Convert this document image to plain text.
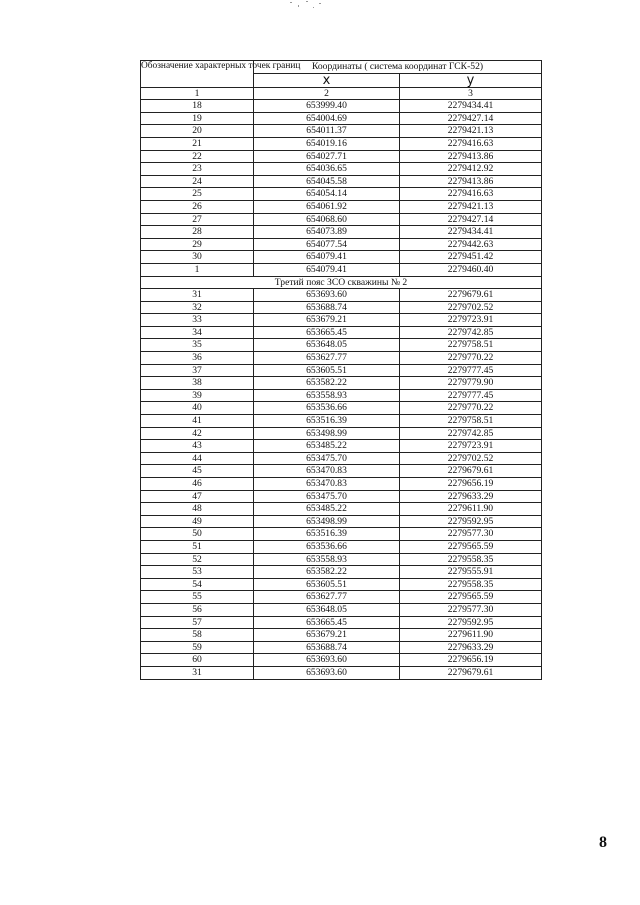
Обозначение характерных точек границ	Координаты ( система координат ГСК-52)	
	х	у
1	2	3
18	653999.40	2279434.41
19	654004.69	2279427.14
20	654011.37	2279421.13
21	654019.16	2279416.63
22	654027.71	2279413.86
23	654036.65	2279412.92
24	654045.58	2279413.86
25	654054.14	2279416.63
26	654061.92	2279421.13
27	654068.60	2279427.14
28	654073.89	2279434.41
29	654077.54	2279442.63
30	654079.41	2279451.42
1	654079.41	2279460.40
Третий пояс ЗСО скважины № 2		
31	653693.60	2279679.61
32	653688.74	2279702.52
33	653679.21	2279723.91
34	653665.45	2279742.85
35	653648.05	2279758.51
36	653627.77	2279770.22
37	653605.51	2279777.45
38	653582.22	2279779.90
39	653558.93	2279777.45
40	653536.66	2279770.22
41	653516.39	2279758.51
42	653498.99	2279742.85
43	653485.22	2279723.91
44	653475.70	2279702.52
45	653470.83	2279679.61
46	653470.83	2279656.19
47	653475.70	2279633.29
48	653485.22	2279611.90
49	653498.99	2279592.95
50	653516.39	2279577.30
51	653536.66	2279565.59
52	653558.93	2279558.35
53	653582.22	2279555.91
54	653605.51	2279558.35
55	653627.77	2279565.59
56	653648.05	2279577.30
57	653665.45	2279592.95
58	653679.21	2279611.90
59	653688.74	2279633.29
60	653693.60	2279656.19
31	653693.60	2279679.61
8
